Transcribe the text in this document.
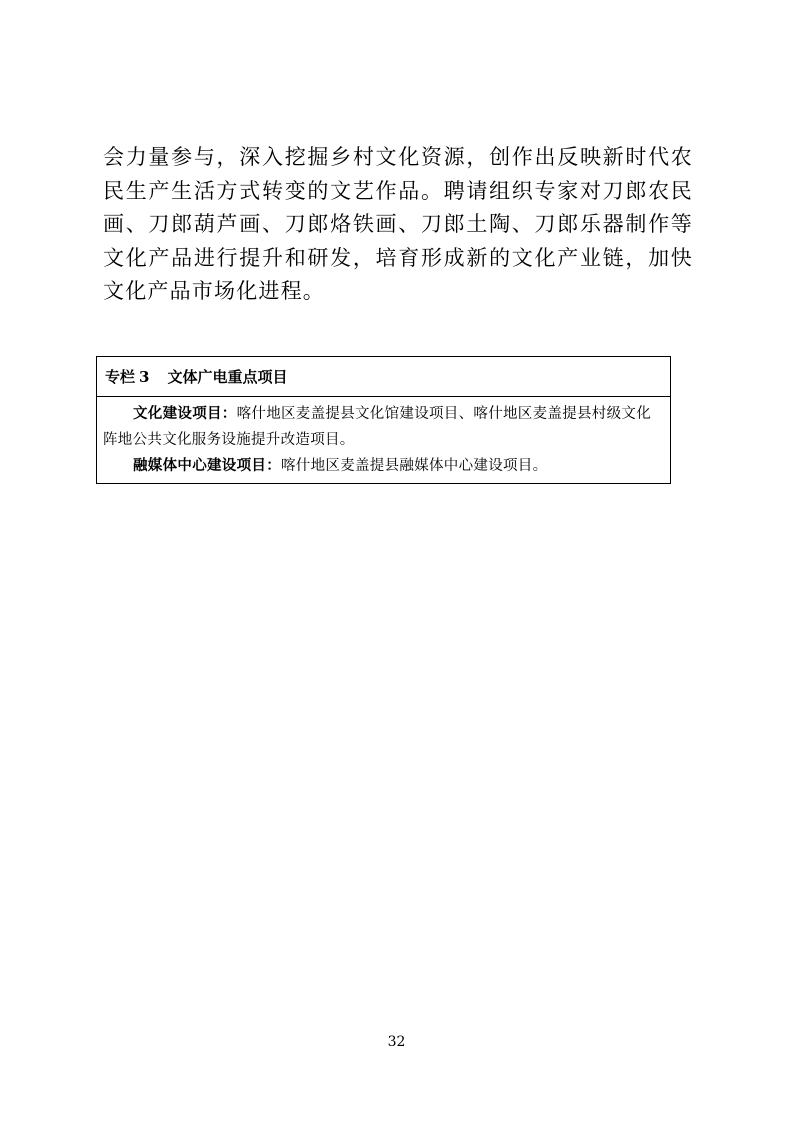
会力量参与，深入挖掘乡村文化资源，创作出反映新时代农民生产生活方式转变的文艺作品。聘请组织专家对刀郎农民画、刀郎葫芦画、刀郎烙铁画、刀郎土陶、刀郎乐器制作等文化产品进行提升和研发，培育形成新的文化产业链，加快文化产品市场化进程。

专栏 3 文体广电重点项目

文化建设项目：喀什地区麦盖提县文化馆建设项目、喀什地区麦盖提县村级文化阵地公共文化服务设施提升改造项目。

融媒体中心建设项目：喀什地区麦盖提县融媒体中心建设项目。

32
